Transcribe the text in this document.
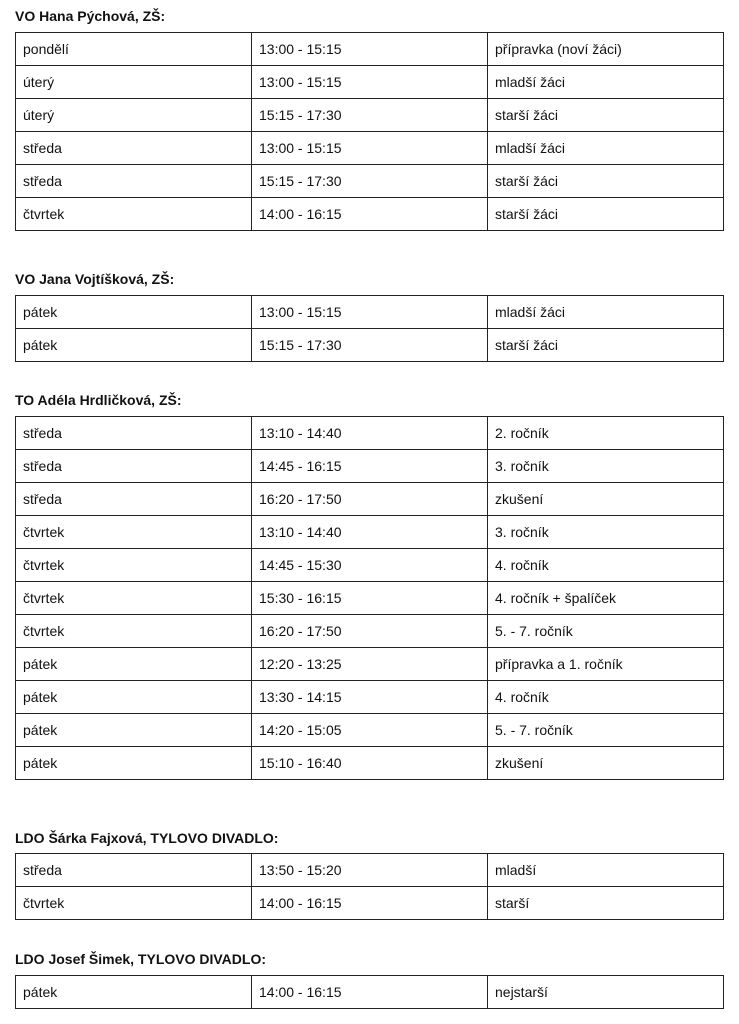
VO Hana Pýchová, ZŠ:
pondělí	13:00 - 15:15	přípravka (noví žáci)
úterý	13:00 - 15:15	mladší žáci
úterý	15:15 - 17:30	starší žáci
středa	13:00 - 15:15	mladší žáci
středa	15:15 - 17:30	starší žáci
čtvrtek	14:00 - 16:15	starší žáci
VO Jana Vojtíšková, ZŠ:
pátek	13:00 - 15:15	mladší žáci
pátek	15:15 - 17:30	starší žáci
TO Adéla Hrdličková, ZŠ:
středa	13:10 - 14:40	2. ročník
středa	14:45 - 16:15	3. ročník
středa	16:20 - 17:50	zkušení
čtvrtek	13:10 - 14:40	3. ročník
čtvrtek	14:45 - 15:30	4. ročník
čtvrtek	15:30 - 16:15	4. ročník + špalíček
čtvrtek	16:20 - 17:50	5. - 7. ročník
pátek	12:20 - 13:25	přípravka a 1. ročník
pátek	13:30 - 14:15	4. ročník
pátek	14:20 - 15:05	5. - 7. ročník
pátek	15:10 - 16:40	zkušení
LDO Šárka Fajxová, TYLOVO DIVADLO:
středa	13:50 - 15:20	mladší
čtvrtek	14:00 - 16:15	starší
LDO Josef Šimek, TYLOVO DIVADLO:
pátek	14:00 - 16:15	nejstarší
